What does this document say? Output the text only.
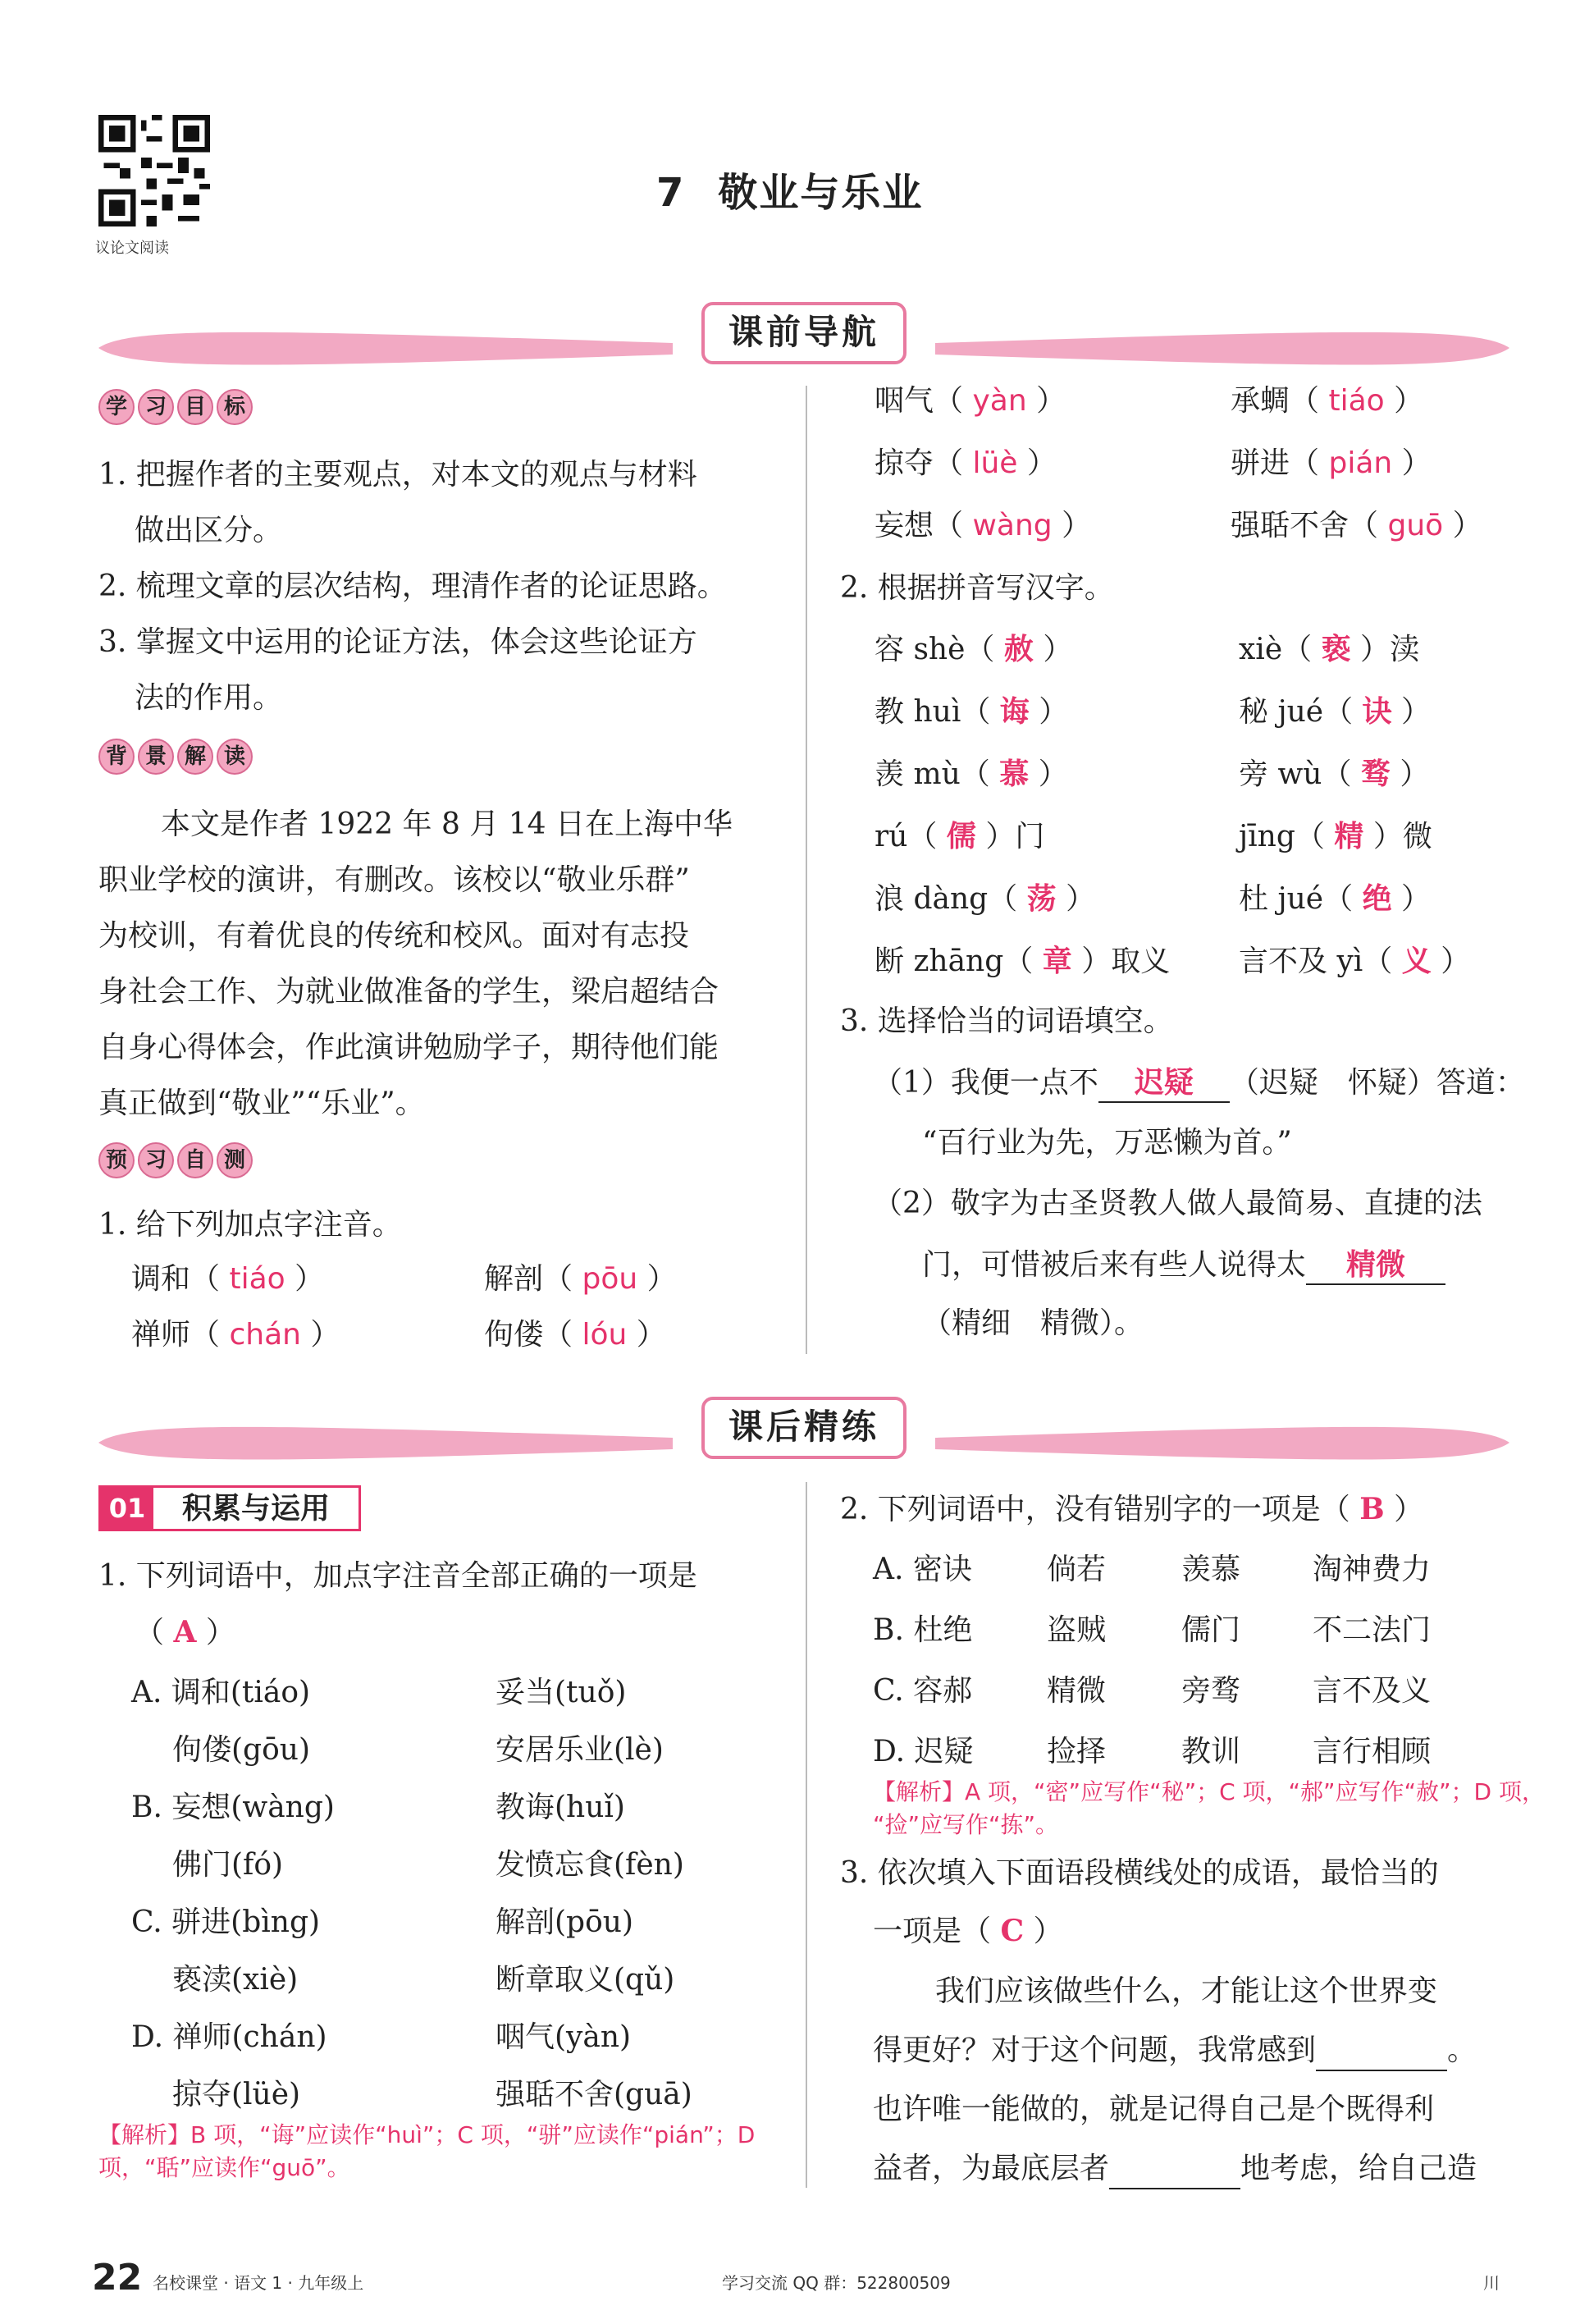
议论文阅读
7 敬业与乐业
课前导航
学 习 目 标
1. 把握作者的主要观点，对本文的观点与材料
做出区分。
2. 梳理文章的层次结构，理清作者的论证思路。
3. 掌握文中运用的论证方法，体会这些论证方
法的作用。
背 景 解 读
本文是作者 1922 年 8 月 14 日在上海中华
职业学校的演讲，有删改。该校以“敬业乐群”
为校训，有着优良的传统和校风。面对有志投
身社会工作、为就业做准备的学生，梁启超结合
自身心得体会，作此演讲勉励学子，期待他们能
真正做到“敬业”“乐业”。
预 习 自 测
1. 给下列加点字注音。
调和（ tiáo ）	解剖（ pōu ）
禅师（ chán ）	佝偻（ lóu ）
咽气（ yàn ）	承蜩（ tiáo ）
掠夺（ lüè ）	骈进（ pián ）
妄想（ wàng ）	强聒不舍（ guō ）
2. 根据拼音写汉字。
容 shè（ 赦 ）	xiè（ 亵 ）渎
教 huì（ 诲 ）	秘 jué（ 诀 ）
羡 mù（ 慕 ）	旁 wù（ 骛 ）
rú（ 儒 ）门	jīng（ 精 ）微
浪 dàng（ 荡 ）	杜 jué（ 绝 ）
断 zhāng（ 章 ）取义 言不及 yì（ 义 ）
3. 选择恰当的词语填空。
（1）我便一点不 迟疑 （迟疑　怀疑）答道：
“百行业为先，万恶懒为首。”
（2）敬字为古圣贤教人做人最简易、直捷的法
门，可惜被后来有些人说得太 精微
（精细　精微）。
课后精练
01	积累与运用
1. 下列词语中，加点字注音全部正确的一项是
（ A ）
A. 调和(tiáo)	妥当(tuǒ)
佝偻(gōu)	安居乐业(lè)
B. 妄想(wàng)	教诲(huǐ)
佛门(fó)	发愤忘食(fèn)
C. 骈进(bìng)	解剖(pōu)
亵渎(xiè)	断章取义(qǔ)
D. 禅师(chán)	咽气(yàn)
掠夺(lüè)	强聒不舍(guā)
【解析】B 项，“诲”应读作“huì”；C 项，“骈”应读作“pián”；D
项，“聒”应读作“guō”。
2. 下列词语中，没有错别字的一项是（ B ）
A. 密诀	倘若	羡慕 淘神费力
B. 杜绝	盗贼	儒门 不二法门
C. 容郝	精微	旁骛 言不及义
D. 迟疑 捡择	教训 言行相顾
【解析】A 项，“密”应写作“秘”；C 项，“郝”应写作“赦”；D 项，
“捡”应写作“拣”。
3. 依次填入下面语段横线处的成语，最恰当的
一项是（ C ）
我们应该做些什么，才能让这个世界变
得更好？对于这个问题，我常感到	。
也许唯一能做的，就是记得自己是个既得利
益者，为最底层者	地考虑，给自己造
22 名校课堂 · 语文 1 · 九年级上	学习交流 QQ 群：522800509	川
